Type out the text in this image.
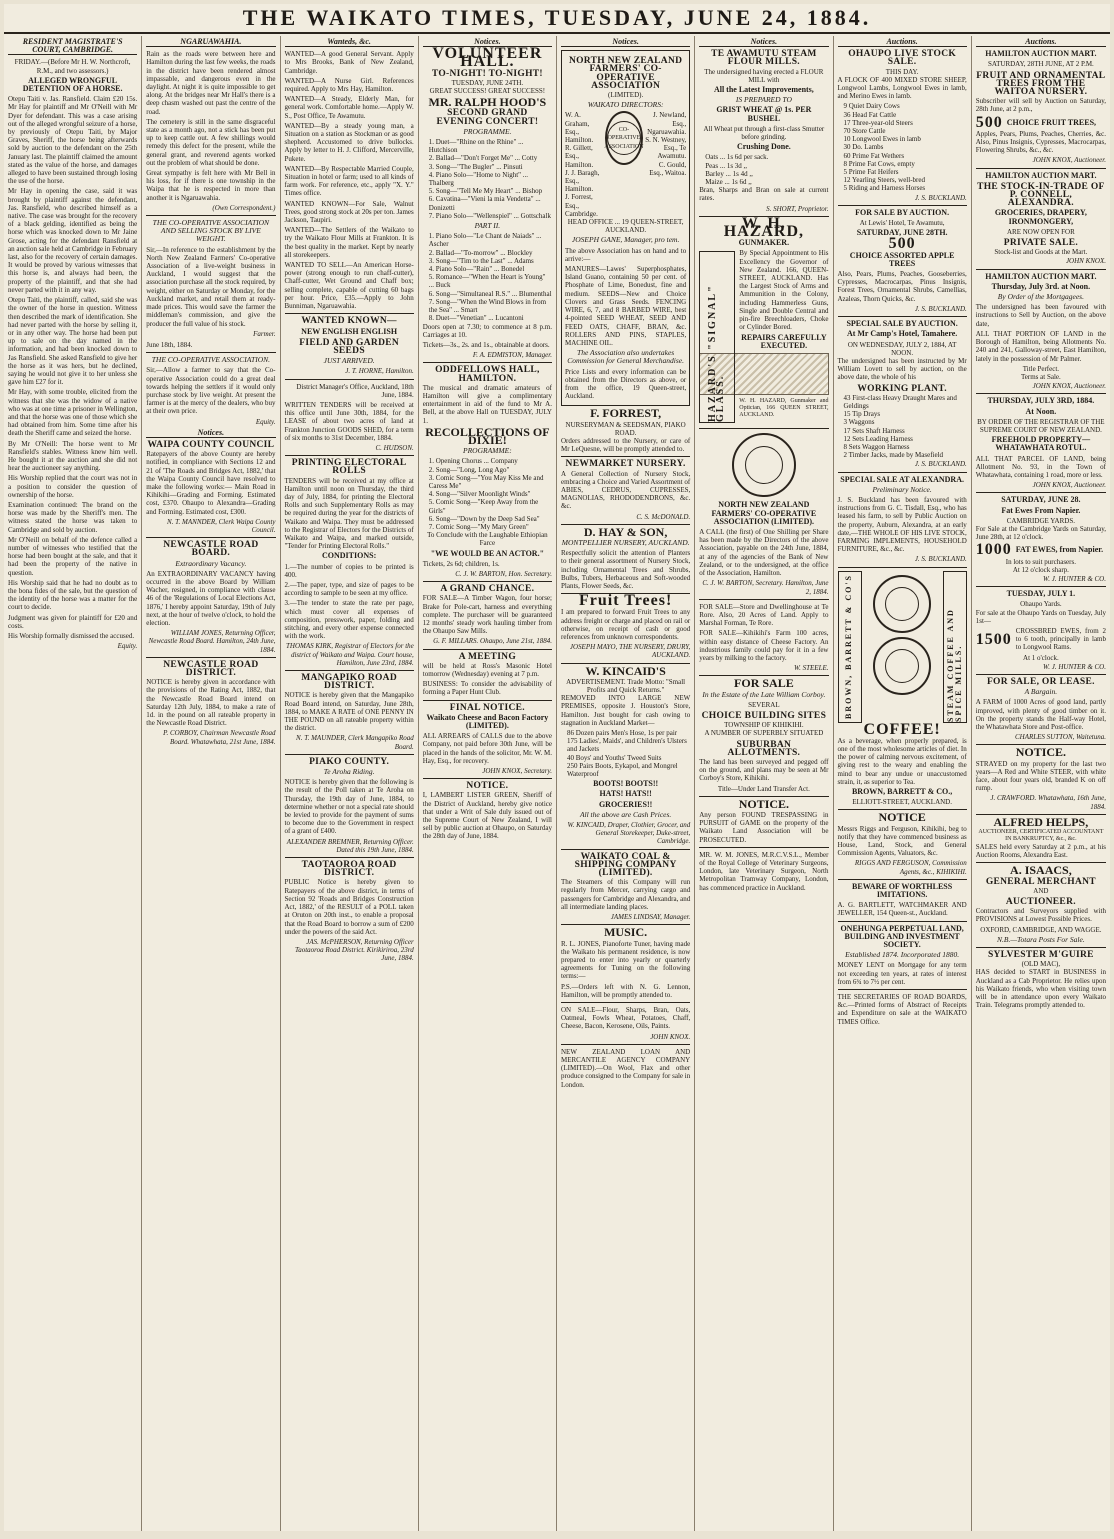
THE WAIKATO TIMES, TUESDAY, JUNE 24, 1884.
RESIDENT MAGISTRATE'S COURT, CAMBRIDGE.
FRIDAY.—(Before Mr H. W. Northcroft, R.M., and two assessors.)
ALLEGED WRONGFUL DETENTION OF A HORSE.
Otepu Taiti v. Jas. Ransfield. Claim £20 15s. Mr Hay for plaintiff and Mr O'Neill with Mr Dyer for defendant. This was a case arising out of the alleged wrongful seizure of a horse, by previously of Otepu Taiti, by Major Graves, Sheriff, the horse being afterwards sold by auction to the defendant on the 25th January last. The plaintiff claimed the amount stated as the value of the horse, and damages alleged to have been sustained through losing the use of the horse.
Mr Hay in opening the case, said it was brought by plaintiff against the defendant, Jas. Ransfield, who described himself as a native. The case was brought for the recovery of a black gelding, identified as being the horse which was knocked down to Mr Jaine Grose, acting for the defendant Ransfield at an auction sale held at Cambridge in February last, also for the recovery of certain damages. It would be proved by various witnesses that this horse is, and always had been, the property of the plaintiff, and that she had never parted with it in any way.
Otepu Taiti, the plaintiff, called, said she was the owner of the horse in question. Witness then described the mark of identification. She had never parted with the horse by selling it, or in any other way. The horse had been put up to sale on the day named in the information, and had been knocked down to Jas Ransfield. She asked Ransfield to give her the horse as it was hers, but he declined, saying he would not give it to her unless she gave him £27 for it.
Mr Hay, with some trouble, elicited from the witness that she was the widow of a native who was at one time a prisoner in Wellington, and that the horse was one of those which she had obtained from him. Some time after his death the Sheriff came and seized the horse.
By Mr O'Neill: The horse went to Mr Ransfield's stables. Witness knew him well. He bought it at the auction and she did not hear the auctioneer say anything.
His Worship replied that the court was not in a position to consider the question of ownership of the horse.
Examination continued: The brand on the horse was made by the Sheriff's men. The witness stated the horse was taken to Cambridge and sold by auction.
Mr O'Neill on behalf of the defence called a number of witnesses who testified that the horse had been bought at the sale, and that it had been the property of the native in question.
His Worship said that he had no doubt as to the bona fides of the sale, but the question of the identity of the horse was a matter for the court to decide.
Judgment was given for plaintiff for £20 and costs.
His Worship formally dismissed the accused.
Equity.
NGARUAWAHIA.
Rain as the roads were between here and Hamilton during the last few weeks, the roads in the district have been rendered almost impassable, and dangerous even in the daylight. At night it is quite impossible to get along. At the bridges near Mr Hall's there is a deep chasm washed out past the centre of the road.
The cemetery is still in the same disgraceful state as a month ago, not a stick has been put up to keep cattle out. A few shillings would remedy this defect for the present, while the general grant, and reverend agents worked out the problem of what should be done.
Great sympathy is felt here with Mr Bell in his loss, for if there is one township in the Waipa that he is respected in more than another it is Ngaruawahia.
(Own Correspondent.)
THE CO-OPERATIVE ASSOCIATION AND SELLING STOCK BY LIVE WEIGHT.
Sir,—In reference to the establishment by the North New Zealand Farmers' Co-operative Association of a live-weight business in Auckland, I would suggest that the association purchase all the stock required, by weight, either on Saturday or Monday, for the Auckland market, and retail them at ready-made prices. This would save the farmer the middleman's commission, and give the producer the full value of his stock.
Farmer.
June 18th, 1884.
THE CO-OPERATIVE ASSOCIATION.
Sir,—Allow a farmer to say that the Co-operative Association could do a great deal towards helping the settlers if it would only purchase stock by live weight. At present the farmer is at the mercy of the dealers, who buy at their own price.
Equity.
Notices.
WAIPA COUNTY COUNCIL
Ratepayers of the above County are hereby notified, in compliance with Sections 12 and 21 of 'The Roads and Bridges Act, 1882,' that the Waipa County Council have resolved to make the following works:— Main Road in Kihikihi—Grading and Forming. Estimated cost, £370. Ohaupo to Alexandra—Grading and Forming. Estimated cost, £300.
N. T. MANNDER, Clerk Waipa County Council.
NEWCASTLE ROAD BOARD.
Extraordinary Vacancy.
An EXTRAORDINARY VACANCY having occurred in the above Board by William Wacher, resigned, in compliance with clause 46 of the 'Regulations of Local Elections Act, 1876,' I hereby appoint Saturday, 19th of July next, at the hour of twelve o'clock, to hold the election.
WILLIAM JONES, Returning Officer, Newcastle Road Board. Hamilton, 24th June, 1884.
NEWCASTLE ROAD DISTRICT.
NOTICE is hereby given in accordance with the provisions of the Rating Act, 1882, that the Newcastle Road Board intend on Saturday 12th July, 1884, to make a rate of 1d. in the pound on all rateable property in the Newcastle Road District.
P. CORBOY, Chairman Newcastle Road Board. Whatawhata, 21st June, 1884.
Wanteds, &c.
WANTED—A good General Servant. Apply to Mrs Brooks, Bank of New Zealand, Cambridge.
WANTED—A Nurse Girl. References required. Apply to Mrs Hay, Hamilton.
WANTED—A Steady, Elderly Man, for general work. Comfortable home.—Apply W. S., Post Office, Te Awamutu.
WANTED—By a steady young man, a Situation on a station as Stockman or as good shepherd. Accustomed to drive bullocks. Apply by letter to H. J. Clifford, Mercerville, Pukete.
WANTED—By Respectable Married Couple, Situation in hotel or farm; used to all kinds of farm work. For reference, etc., apply "X. Y." Times office.
WANTED KNOWN—For Sale, Walnut Trees, good strong stock at 20s per ton. James Jackson, Taupiri.
WANTED—The Settlers of the Waikato to try the Waikato Flour Mills at Frankton. It is the best quality in the market. Kept by nearly all storekeepers.
WANTED TO SELL—An American Horse-power (strong enough to run chaff-cutter), Chaff-cutter, Wet Ground and Chaff box; selling complete, capable of cutting 60 bags per hour. Price, £35.—Apply to John Bunniman, Ngaruawahia.
WANTED KNOWN—
NEW ENGLISH ENGLISH
FIELD AND GARDEN SEEDS
JUST ARRIVED.
J. T. HORNE, Hamilton.
District Manager's Office, Auckland, 18th June, 1884.
WRITTEN TENDERS will be received at this office until June 30th, 1884, for the LEASE of about two acres of land at Frankton Junction GOODS SHED, for a term of six months to 31st December, 1884.
C. HUDSON.
PRINTING ELECTORAL ROLLS
TENDERS will be received at my office at Hamilton until noon on Thursday, the third day of July, 1884, for printing the Electoral Rolls and such Supplementary Rolls as may be required during the year for the districts of Waikato and Waipa. They must be addressed to the Registrar of Electors for the Districts of Waikato and Waipa, and marked outside, "Tender for Printing Electoral Rolls."
CONDITIONS:
1.—The number of copies to be printed is 400.
2.—The paper, type, and size of pages to be according to sample to be seen at my office.
3.—The tender to state the rate per page, which must cover all expenses of composition, presswork, paper, folding and stitching, and every other expense connected with the work.
THOMAS KIRK, Registrar of Electors for the district of Waikato and Waipa. Court house, Hamilton, June 23rd, 1884.
MANGAPIKO ROAD DISTRICT.
NOTICE is hereby given that the Mangapiko Road Board intend, on Saturday, June 28th, 1884, to MAKE A RATE of ONE PENNY IN THE POUND on all rateable property within the district.
N. T. MAUNDER, Clerk Mangapiko Road Board.
PIAKO COUNTY.
Te Aroha Riding.
NOTICE is hereby given that the following is the result of the Poll taken at Te Aroha on Thursday, the 19th day of June, 1884, to determine whether or not a special rate should be levied to provide for the payment of sums to become due to the Government in respect of a grant of £400.
ALEXANDER BREMNER, Returning Officer. Dated this 19th June, 1884.
TAOTAOROA ROAD DISTRICT.
PUBLIC Notice is hereby given to Ratepayers of the above district, in terms of Section 92 'Roads and Bridges Construction Act, 1882,' of the RESULT of a POLL taken at Oruton on 20th inst., to enable a proposal that the Road Board to borrow a sum of £200 under the powers of the said Act.
JAS. McPHERSON, Returning Officer Taotaoroa Road District. Kirikiriroa, 23rd June, 1884.
Notices.
VOLUNTEER HALL.
TO-NIGHT! TO-NIGHT!
TUESDAY, JUNE 24TH.
GREAT SUCCESS! GREAT SUCCESS!
MR. RALPH HOOD'S
SECOND GRAND EVENING CONCERT!
PROGRAMME.
1. Duet—"Rhine on the Rhine" ... Hutchison
2. Ballad—"Don't Forget Me" ... Cotty
3. Song—"The Bugler" ... Pinsuti
4. Piano Solo—"Home to Night" ... Thalberg
5. Song—"Tell Me My Heart" ... Bishop
6. Cavatina—"Vieni la mia Vendetta" ... Donizetti
7. Piano Solo—"Wellenspiel" ... Gottschalk
PART II.
1. Piano Solo—"Le Chant de Naiads" ... Ascher
2. Ballad—"To-morrow" ... Blockley
3. Song—"Tim to the Last" ... Adams
4. Piano Solo—"Rain" ... Bonedel
5. Romance—"When the Heart is Young" ... Buck
6. Song—"Simultaneal R.S." ... Blumenthal
7. Song—"When the Wind Blows in from the Sea" ... Smart
8. Duet—"Venetian" ... Lucantoni
Doors open at 7.30; to commence at 8 p.m. Carriages at 10.
Tickets—3s., 2s. and 1s., obtainable at doors.
F. A. EDMISTON, Manager.
ODDFELLOWS HALL, HAMILTON.
The musical and dramatic amateurs of Hamilton will give a complimentary entertainment in aid of the fund to Mr A. Bell, at the above Hall on TUESDAY, JULY 1.
RECOLLECTIONS OF DIXIE!
PROGRAMME:
1. Opening Chorus ... Company
2. Song—"Long, Long Ago"
3. Comic Song—"You May Kiss Me and Caress Me"
4. Song—"Silver Moonlight Winds"
5. Comic Song—"Keep Away from the Girls"
6. Song—"Down by the Deep Sad Sea"
7. Comic Song—"My Mary Green"
To Conclude with the Laughable Ethiopian Farce
"WE WOULD BE AN ACTOR."
Tickets, 2s 6d; children, 1s.
C. J. W. BARTON, Hon. Secretary.
A GRAND CHANCE.
FOR SALE—A Timber Wagon, four horse; Brake for Pole-cart, harness and everything complete. The purchaser will be guaranteed 12 months' steady work hauling timber from the Ohaupo Saw Mills.
G. F. MILLARS. Ohaupo, June 21st, 1884.
A MEETING
will be held at Ross's Masonic Hotel tomorrow (Wednesday) evening at 7 p.m.
BUSINESS: To consider the advisability of forming a Paper Hunt Club.
FINAL NOTICE.
Waikato Cheese and Bacon Factory (LIMITED).
ALL ARREARS of CALLS due to the above Company, not paid before 30th June, will be placed in the hands of the solicitor, Mr. W. M. Hay, Esq., for recovery.
JOHN KNOX, Secretary.
NOTICE.
I, LAMBERT LISTER GREEN, Sheriff of the District of Auckland, hereby give notice that under a Writ of Sale duly issued out of the Supreme Court of New Zealand, I will sell by public auction at Ohaupo, on Saturday the 28th day of June, 1884.
Notices.
NORTH NEW ZEALAND FARMERS' CO-OPERATIVE ASSOCIATION
(LIMITED).
WAIKATO DIRECTORS:
W. A. Graham, Esq., Hamilton.
R. Gillett, Esq., Hamilton.
J. J. Baragh, Esq., Hamilton.
J. Forrest, Esq., Cambridge.
CO-OPERATIVE ASSOCIATION
J. Newland, Esq., Ngaruawahia.
S. N. Westney, Esq., Te Awamutu.
C. Gould, Esq., Waitoa.
HEAD OFFICE ... 19 QUEEN-STREET, AUCKLAND.
JOSEPH GANE, Manager, pro tem.
The above Association has on hand and to arrive:—
MANURES—Lawes' Superphosphates, Island Guano, containing 50 per cent. of Phosphate of Lime, Bonedust, fine and medium. SEEDS—New and Choice Clovers and Grass Seeds. FENCING WIRE, 6, 7, and 8 BARBED WIRE, best 4-pointed SEED WHEAT, SEED AND FEED OATS, CHAFF, BRAN, &c. ROLLERS AND PINS, STAPLES, MACHINE OIL.
The Association also undertakes Commission for General Merchandise.
Price Lists and every information can be obtained from the Directors as above, or from the office, 19 Queen-street, Auckland.
F. FORREST,
NURSERYMAN & SEEDSMAN, PIAKO ROAD.
Orders addressed to the Nursery, or care of Mr LeQuesne, will be promptly attended to.
NEWMARKET NURSERY.
A General Collection of Nursery Stock, embracing a Choice and Varied Assortment of ABIES, CEDRUS, CUPRESSES, MAGNOLIAS, RHODODENDRONS, &c. &c.
C. S. McDONALD.
D. HAY & SON,
MONTPELLIER NURSERY, AUCKLAND.
Respectfully solicit the attention of Planters to their general assortment of Nursery Stock, including Ornamental Trees and Shrubs, Bulbs, Tubers, Herbaceous and Soft-wooded Plants, Flower Seeds, &c.
Fruit Trees!
I am prepared to forward Fruit Trees to any address freight or charge and placed on rail or otherwise, on receipt of cash or good references from unknown correspondents.
JOSEPH MAYO, THE NURSERY, DRURY, AUCKLAND.
W. KINCAID'S
ADVERTISEMENT. Trade Motto: "Small Profits and Quick Returns."
REMOVED INTO LARGE NEW PREMISES, opposite J. Houston's Store, Hamilton. Just bought for cash owing to stagnation in Auckland Market—
86 Dozen pairs Men's Hose, 1s per pair
175 Ladies', Maids', and Children's Ulsters and Jackets
40 Boys' and Youths' Tweed Suits
250 Pairs Boots, Eykapol, and Mongrel Waterproof
BOOTS! BOOTS!!
HATS! HATS!!
GROCERIES!!
All the above are Cash Prices.
W. KINCAID, Draper, Clothier, Grocer, and General Storekeeper, Duke-street, Cambridge.
WAIKATO COAL & SHIPPING COMPANY (LIMITED).
The Steamers of this Company will run regularly from Mercer, carrying cargo and passengers for Cambridge and Alexandra, and all intermediate landing places.
JAMES LINDSAY, Manager.
MUSIC.
R. L. JONES, Pianoforte Tuner, having made the Waikato his permanent residence, is now prepared to enter into yearly or quarterly agreements for Tuning on the following terms:—
P.S.—Orders left with N. G. Lennon, Hamilton, will be promptly attended to.
ON SALE—Flour, Sharps, Bran, Oats, Oatmeal, Fowls Wheat, Potatoes, Chaff, Cheese, Bacon, Kerosene, Oils, Paints.
JOHN KNOX.
NEW ZEALAND LOAN AND MERCANTILE AGENCY COMPANY (LIMITED).—On Wool, Flax and other produce consigned to the Company for sale in London.
Notices.
TE AWAMUTU STEAM FLOUR MILLS.
The undersigned having erected a FLOUR MILL with
All the Latest Improvements,
IS PREPARED TO
GRIST WHEAT @ 1s. PER BUSHEL
All Wheat put through a first-class Smutter before grinding.
Crushing Done.
Oats ... 1s 6d per sack.
Peas ... 1s 3d ,,
Barley ... 1s 4d ,,
Maize ... 1s 6d ,,
Bran, Sharps and Bran on sale at current rates.
S. SHORT, Proprietor.
W. H. HAZARD,
GUNMAKER.
HAZARD'S "SIGNAL" GLASS.
By Special Appointment to His Excellency the Governor of New Zealand. 166, QUEEN-STREET, AUCKLAND. Has the Largest Stock of Arms and Ammunition in the Colony, including Hammerless Guns, Single and Double Central and pin-fire Breechloaders, Choke or Cylinder Bored.
REPAIRS CAREFULLY EXECUTED.
W. H. HAZARD, Gunmaker and Optician, 166 QUEEN STREET, AUCKLAND.
NORTH NEW ZEALAND FARMERS' CO-OPERATIVE ASSOCIATION (LIMITED).
A CALL (the first) of One Shilling per Share has been made by the Directors of the above Association, payable on the 24th June, 1884, at any of the agencies of the Bank of New Zealand, or to the undersigned, at the office of the Association, Hamilton.
C. J. W. BARTON, Secretary. Hamilton, June 2, 1884.
FOR SALE—Store and Dwellinghouse at Te Rore. Also, 20 Acres of Land. Apply to Marshal Forman, Te Rore.
FOR SALE—Kihikihi's Farm 100 acres, within easy distance of Cheese Factory. An industrious family could pay for it in a few years by milking to the factory.
W. STEELE.
FOR SALE
In the Estate of the Late William Corboy.
SEVERAL
CHOICE BUILDING SITES
TOWNSHIP OF KIHIKIHI.
A NUMBER OF SUPERBLY SITUATED
SUBURBAN ALLOTMENTS.
The land has been surveyed and pegged off on the ground, and plans may be seen at Mr Corboy's Store, Kihikihi.
Title—Under Land Transfer Act.
NOTICE.
Any person FOUND TRESPASSING in PURSUIT of GAME on the property of the Waikato Land Association will be PROSECUTED.
MR. W. M. JONES, M.R.C.V.S.L., Member of the Royal College of Veterinary Surgeons, London, late Veterinary Surgeon, North Metropolitan Tramway Company, London, has commenced practice in Auckland.
Auctions.
OHAUPO LIVE STOCK SALE.
THIS DAY.
A FLOCK OF 400 MIXED STORE SHEEP, Longwool Lambs, Longwool Ewes in lamb, and Merino Ewes in lamb.
9 Quiet Dairy Cows
36 Head Fat Cattle
17 Three-year-old Steers
70 Store Cattle
10 Longwool Ewes in lamb
30 Do. Lambs
60 Prime Fat Wethers
8 Prime Fat Cows, empty
5 Prime Fat Heifers
12 Yearling Steers, well-bred
5 Riding and Harness Horses
J. S. BUCKLAND.
FOR SALE BY AUCTION.
At Lewis' Hotel, Te Awamutu,
SATURDAY, JUNE 28TH.
500
CHOICE ASSORTED APPLE TREES
Also, Pears, Plums, Peaches, Gooseberries, Cypresses, Macrocarpas, Pinus Insignis, Forest Trees, Ornamental Shrubs, Camellias, Azaleas, Thorn Quicks, &c.
J. S. BUCKLAND.
SPECIAL SALE BY AUCTION.
At Mr Camp's Hotel, Tamahere.
ON WEDNESDAY, JULY 2, 1884, AT NOON.
The undersigned has been instructed by Mr William Lovett to sell by auction, on the above date, the whole of his
WORKING PLANT.
43 First-class Heavy Draught Mares and Geldings
15 Tip Drays
3 Waggons
17 Sets Shaft Harness
12 Sets Leading Harness
8 Sets Waggon Harness
2 Timber Jacks, made by Masefield
J. S. BUCKLAND.
SPECIAL SALE AT ALEXANDRA.
Preliminary Notice.
J. S. Buckland has been favoured with instructions from G. C. Tisdall, Esq., who has leased his farm, to sell by Public Auction on the property, Auburn, Alexandra, at an early date,—THE WHOLE OF HIS LIVE STOCK, FARMING IMPLEMENTS, HOUSEHOLD FURNITURE, &c., &c.
J. S. BUCKLAND.
BROWN, BARRETT & CO'S	STEAM COFFEE AND SPICE MILLS.
COFFEE!
As a beverage, when properly prepared, is one of the most wholesome articles of diet. In the power of calming nervous excitement, of giving rest to the weary and enabling the mind to bear any undue or unaccustomed strain, it, as superior to Tea.
BROWN, BARRETT & CO.,
ELLIOTT-STREET, AUCKLAND.
NOTICE
Messrs Riggs and Ferguson, Kihikihi, beg to notify that they have commenced business as House, Land, Stock, and General Commission Agents, Valuators, &c.
RIGGS AND FERGUSON, Commission Agents, &c., KIHIKIHI.
BEWARE OF WORTHLESS IMITATIONS.
A. G. BARTLETT, WATCHMAKER AND JEWELLER, 154 Queen-st., Auckland.
ONEHUNGA PERPETUAL LAND, BUILDING AND INVESTMENT SOCIETY.
Established 1874. Incorporated 1880.
MONEY LENT on Mortgage for any term not exceeding ten years, at rates of interest from 6¾ to 7½ per cent.
THE SECRETARIES OF ROAD BOARDS, &c.—Printed forms of Abstract of Receipts and Expenditure on sale at the WAIKATO TIMES Office.
Auctions.
HAMILTON AUCTION MART.
SATURDAY, 28TH JUNE, AT 2 P.M.
FRUIT AND ORNAMENTAL TREES FROM THE WAITOA NURSERY.
Subscriber will sell by Auction on Saturday, 28th June, at 2 p.m.,
500 CHOICE FRUIT TREES,
Apples, Pears, Plums, Peaches, Cherries, &c. Also, Pinus Insignis, Cypresses, Macrocarpas, Flowering Shrubs, &c., &c.
JOHN KNOX, Auctioneer.
HAMILTON AUCTION MART.
THE STOCK-IN-TRADE OF P. CONNELL, ALEXANDRA.
GROCERIES, DRAPERY, IRONMONGERY,
ARE NOW OPEN FOR
PRIVATE SALE.
Stock-list and Goods at the Mart.
JOHN KNOX.
HAMILTON AUCTION MART.
Thursday, July 3rd. at Noon.
By Order of the Mortgagees.
The undersigned has been favoured with instructions to Sell by Auction, on the above date,
ALL THAT PORTION OF LAND in the Borough of Hamilton, being Allotments No. 240 and 241, Galloway-street, East Hamilton, lately in the possession of Mr Palmer.
Title Perfect.
Terms at Sale.
JOHN KNOX, Auctioneer.
THURSDAY, JULY 3RD, 1884.
At Noon.
BY ORDER OF THE REGISTRAR OF THE SUPREME COURT OF NEW ZEALAND.
FREEHOLD PROPERTY—WHATAWHATA ROTUL.
ALL THAT PARCEL OF LAND, being Allotment No. 93, in the Town of Whatawhata, containing 1 road, more or less.
JOHN KNOX, Auctioneer.
SATURDAY, JUNE 28.
Fat Ewes From Napier.
CAMBRIDGE YARDS.
For Sale at the Cambridge Yards on Saturday, June 28th, at 12 o'clock.
1000 FAT EWES, from Napier.
In lots to suit purchasers.
At 12 o'clock sharp.
W. J. HUNTER & CO.
TUESDAY, JULY 1.
Ohaupo Yards.
For sale at the Ohaupo Yards on Tuesday, July 1st—
1500
CROSSBRED EWES, from 2 to 6 tooth, principally in lamb to Longwool Rams.
At 1 o'clock.
W. J. HUNTER & CO.
FOR SALE, OR LEASE.
A Bargain.
A FARM of 1000 Acres of good land, partly improved, with plenty of good timber on it. On the property stands the Half-way Hotel, the Whatawhata Store and Post-office.
CHARLES SUTTON, Waitetuna.
NOTICE.
STRAYED on my property for the last two years—A Red and White STEER, with white face, about four years old, branded K on off rump.
J. CRAWFORD. Whatawhata, 16th June, 1884.
ALFRED HELPS,
AUCTIONEER, CERTIFICATED ACCOUNTANT IN BANKRUPTCY, &c., &c.
SALES held every Saturday at 2 p.m., at his Auction Rooms, Alexandra East.
A. ISAACS,
GENERAL MERCHANT
AND
AUCTIONEER.
Contractors and Surveyors supplied with PROVISIONS at Lowest Possible Prices.
OXFORD, CAMBRIDGE, AND WAGGE.
N.B.—Totara Posts For Sale.
SYLVESTER M'GUIRE
(OLD MAC),
HAS decided to START in BUSINESS in Auckland as a Cab Proprietor. He relies upon his Waikato friends, who when visiting town will be in attendance upon every Waikato Train. Telegrams promptly attended to.
